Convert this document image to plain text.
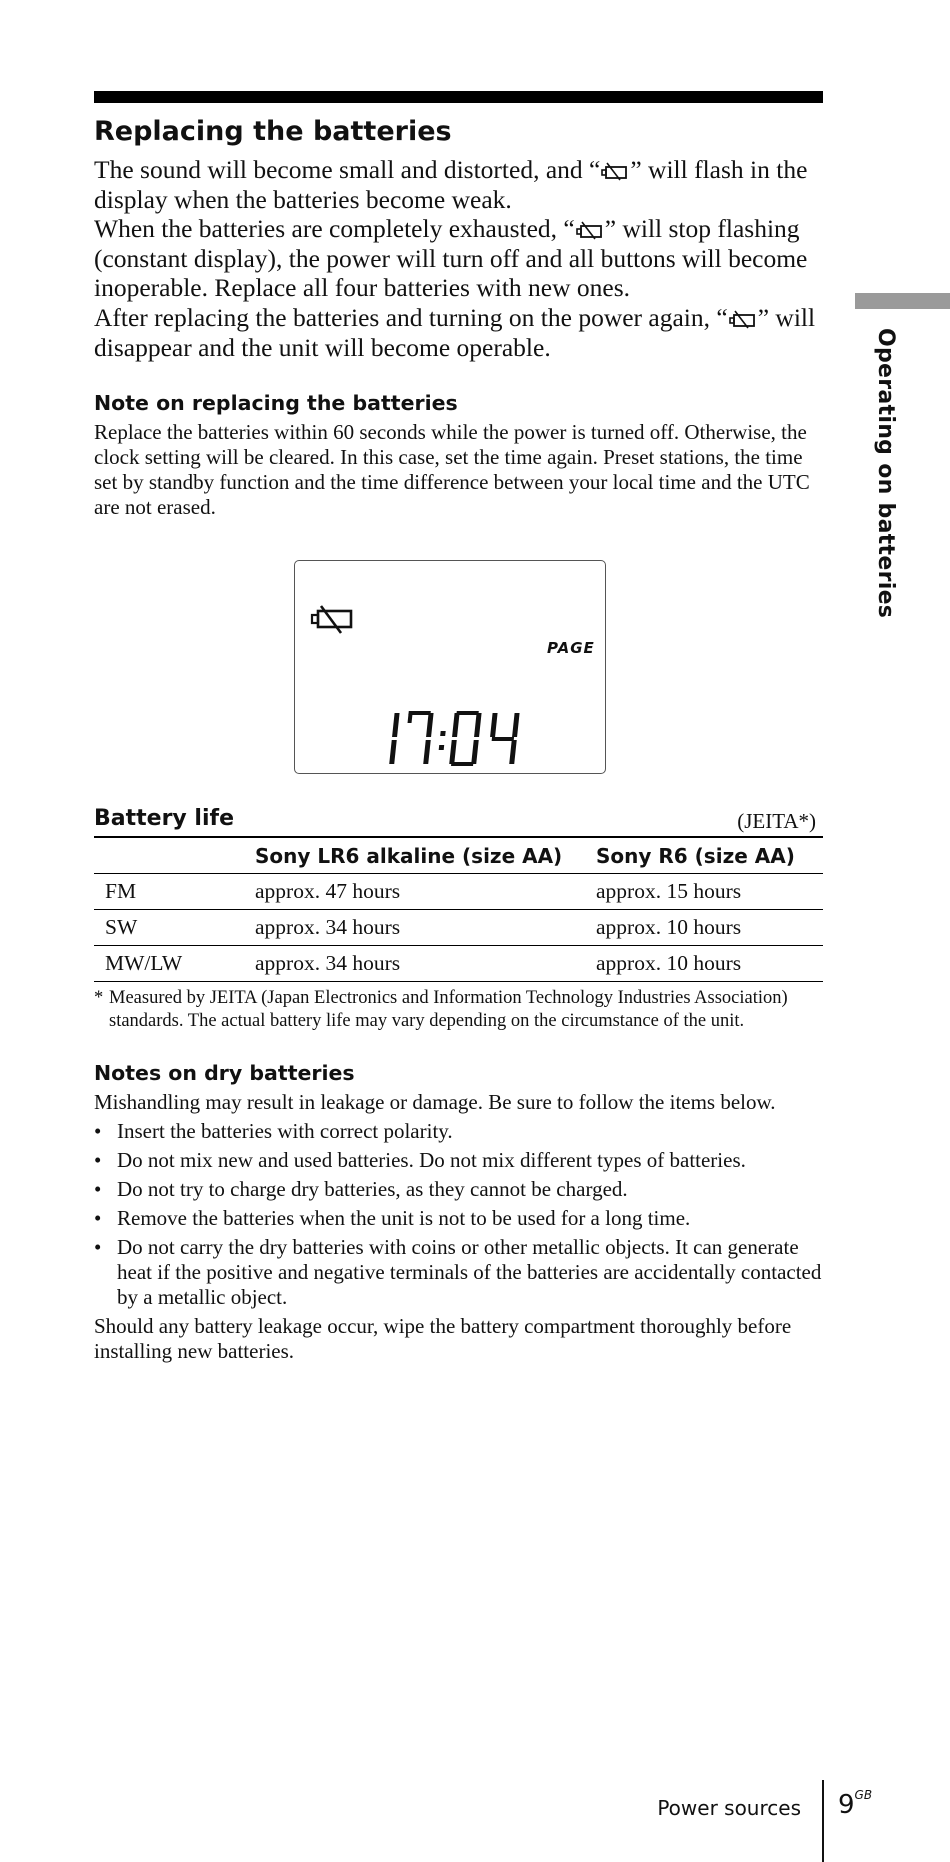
Operating on batteries
Replacing the batteries

The sound will become small and distorted, and “ ” will flash in the display when the batteries become weak.

When the batteries are completely exhausted, “ ” will stop flashing (constant display), the power will turn off and all buttons will become inoperable. Replace all four batteries with new ones.

After replacing the batteries and turning on the power again, “ ” will disappear and the unit will become operable.

Note on replacing the batteries

Replace the batteries within 60 seconds while the power is turned off. Otherwise, the clock setting will be cleared. In this case, set the time again. Preset stations, the time set by standby function and the time difference between your local time and the UTC are not erased.

PAGE
Battery life	(JEITA*)
	Sony LR6 alkaline (size AA)	Sony R6 (size AA)
FM	approx. 47 hours	approx. 15 hours
SW	approx. 34 hours	approx. 10 hours
MW/LW	approx. 34 hours	approx. 10 hours

* Measured by JEITA (Japan Electronics and Information Technology Industries Association) standards. The actual battery life may vary depending on the circumstance of the unit.

Notes on dry batteries

Mishandling may result in leakage or damage. Be sure to follow the items below.

• Insert the batteries with correct polarity.
• Do not mix new and used batteries. Do not mix different types of batteries.
• Do not try to charge dry batteries, as they cannot be charged.
• Remove the batteries when the unit is not to be used for a long time.
• Do not carry the dry batteries with coins or other metallic objects. It can generate heat if the positive and negative terminals of the batteries are accidentally contacted by a metallic object.

Should any battery leakage occur, wipe the battery compartment thoroughly before installing new batteries.

Power sources $9^{GB}$
